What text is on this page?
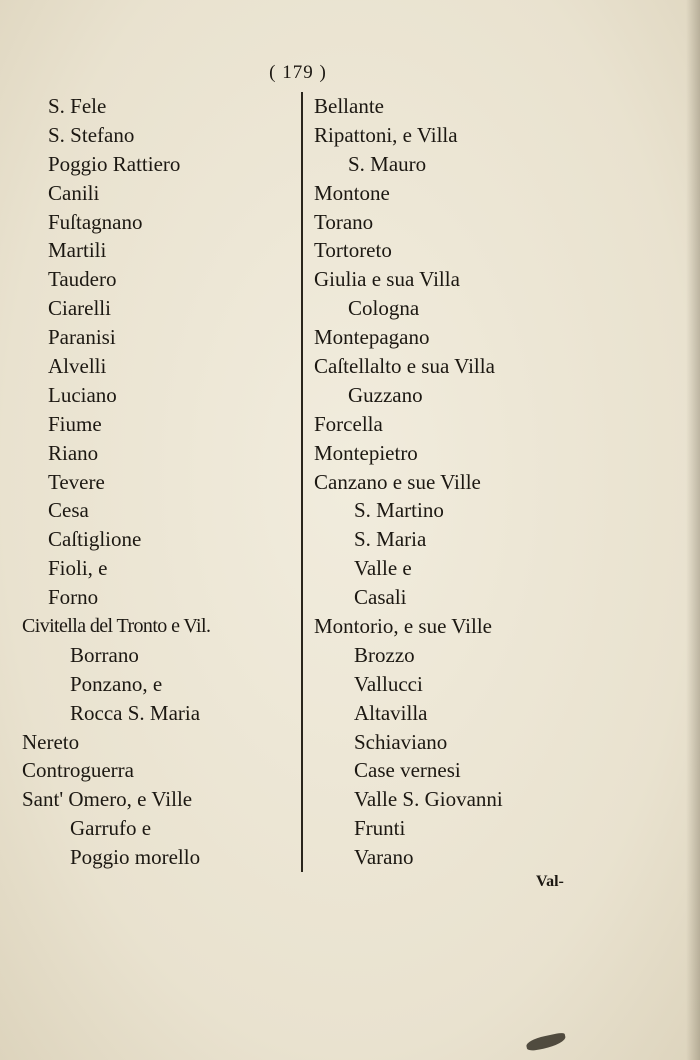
( 179 )
S. Fele
S. Stefano
Poggio Rattiero
Canili
Fuſtagnano
Martili
Taudero
Ciarelli
Paranisi
Alvelli
Luciano
Fiume
Riano
Tevere
Cesa
Caſtiglione
Fioli, e
Forno
Civitella del Tronto e Vil.
Borrano
Ponzano, e
Rocca S. Maria
Nereto
Controguerra
Sant' Omero, e Ville
Garrufo e
Poggio morello
Bellante
Ripattoni, e Villa
S. Mauro
Montone
Torano
Tortoreto
Giulia e sua Villa
Cologna
Montepagano
Caſtellalto e sua Villa
Guzzano
Forcella
Montepietro
Canzano e sue Ville
S. Martino
S. Maria
Valle e
Casali
Montorio, e sue Ville
Brozzo
Vallucci
Altavilla
Schiaviano
Case vernesi
Valle S. Giovanni
Frunti
Varano
Val-
